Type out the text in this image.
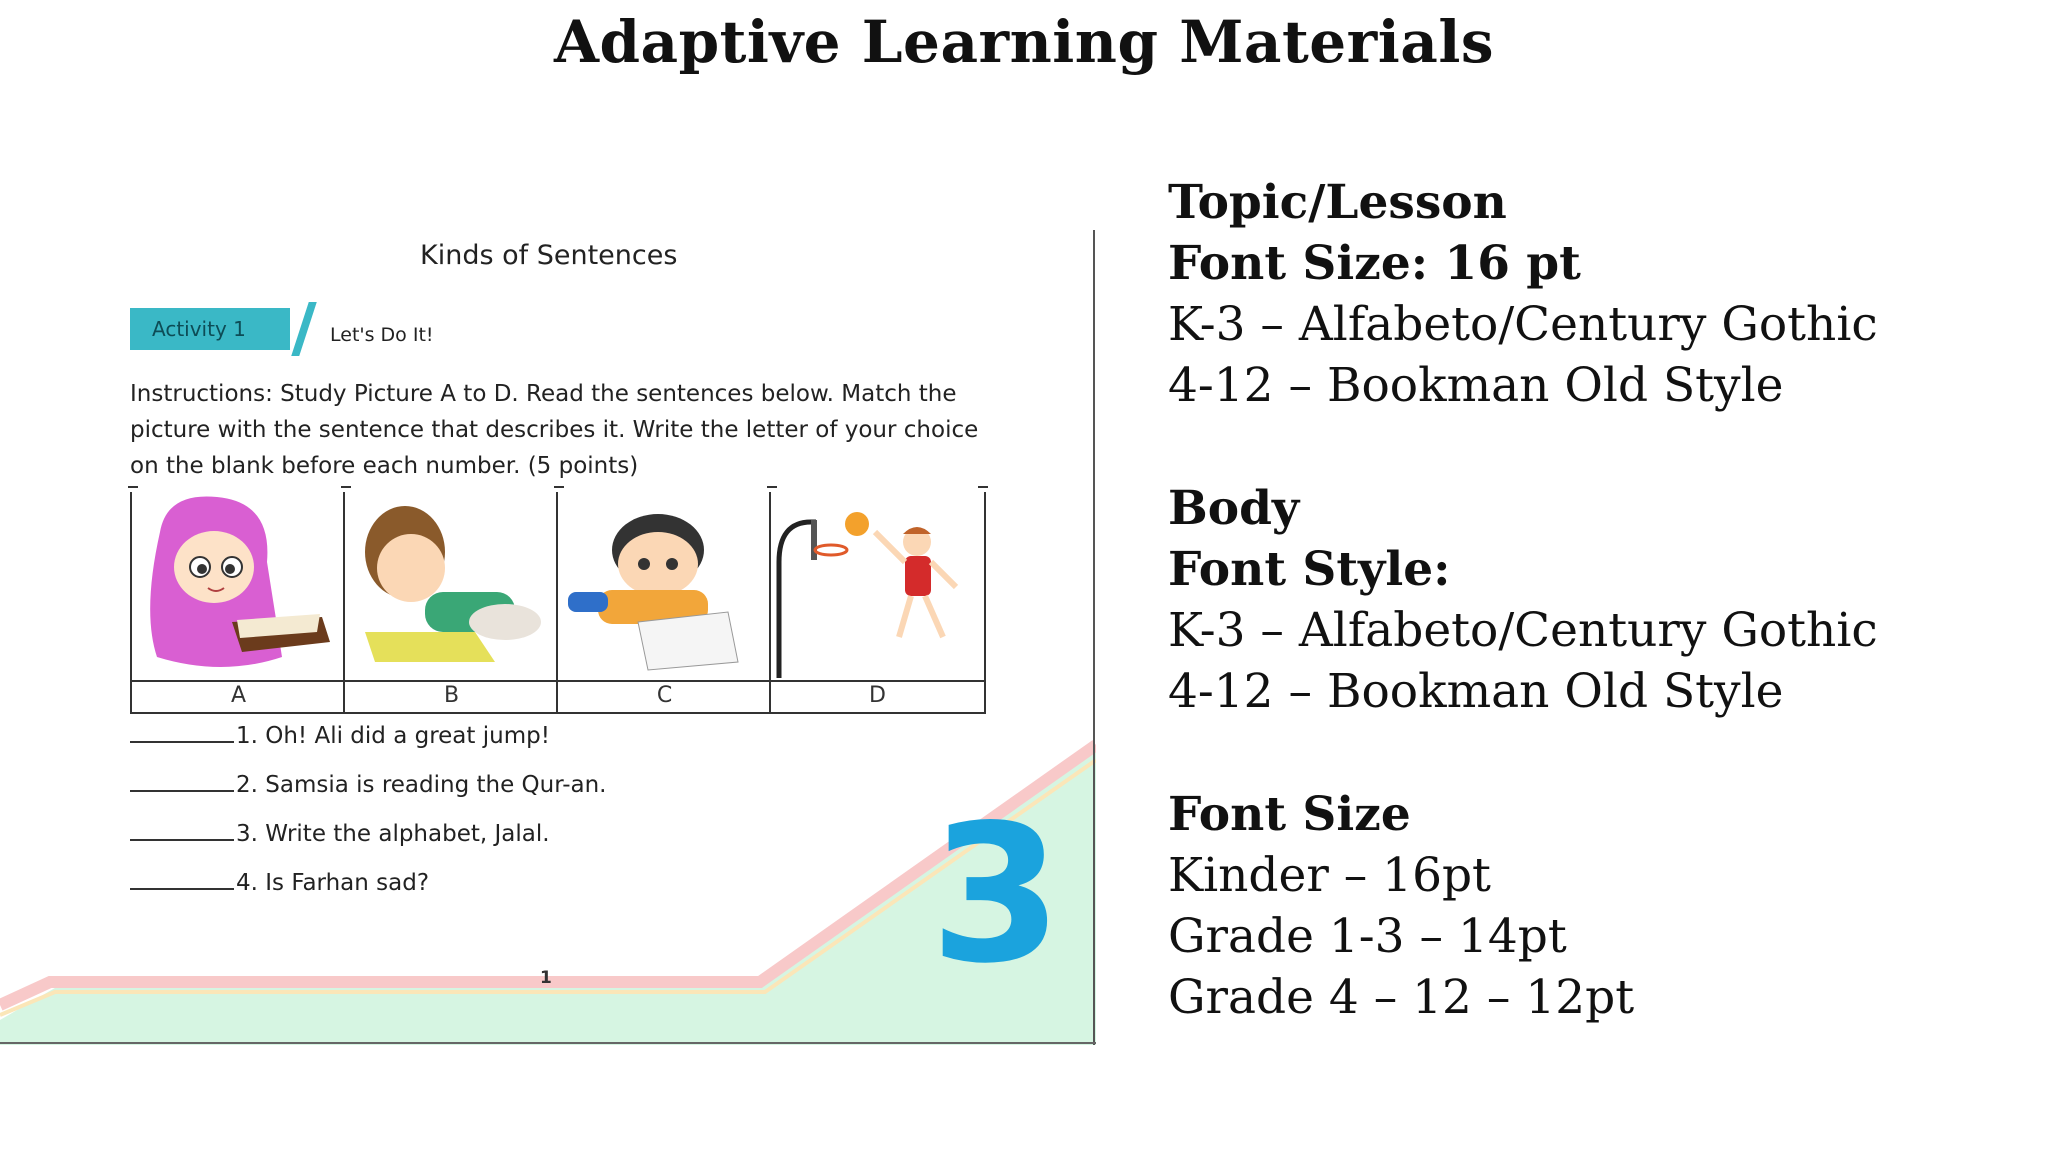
Adaptive Learning Materials
Kinds of Sentences
Activity 1	Let's Do It!
Instructions: Study Picture A to D. Read the sentences below. Match the picture with the sentence that describes it. Write the letter of your choice on the blank before each number. (5 points)
A	B	C	D
1. Oh! Ali did a great jump!
2. Samsia is reading the Qur-an.
3. Write the alphabet, Jalal.
4. Is Farhan sad?
1 3
Topic/Lesson
Font Size: 16 pt
K-3 – Alfabeto/Century Gothic
4-12 – Bookman Old Style
Body
Font Style:
K-3 – Alfabeto/Century Gothic
4-12 – Bookman Old Style
Font Size
Kinder – 16pt
Grade 1-3 – 14pt
Grade 4 – 12 – 12pt
